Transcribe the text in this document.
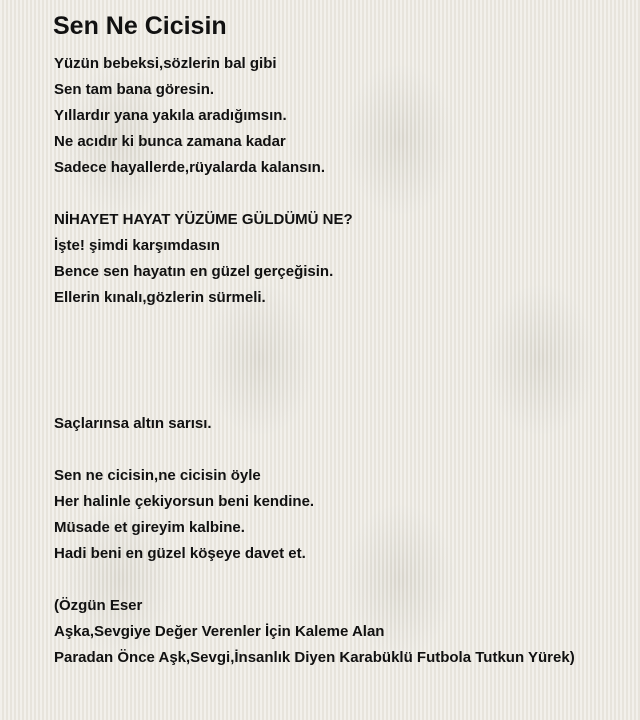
Sen Ne Cicisin
Yüzün bebeksi,sözlerin bal gibi
Sen tam bana göresin.
Yıllardır yana yakıla aradığımsın.
Ne acıdır ki bunca zamana kadar
Sadece hayallerde,rüyalarda kalansın.
NİHAYET HAYAT YÜZÜME GÜLDÜMÜ NE?
İşte! şimdi karşımdasın
Bence sen hayatın en güzel gerçeğisin.
Ellerin kınalı,gözlerin sürmeli.
Saçlarınsa altın sarısı.
Sen ne cicisin,ne cicisin öyle
Her halinle çekiyorsun beni kendine.
Müsade et gireyim kalbine.
Hadi beni en güzel köşeye davet et.
(Özgün Eser
Aşka,Sevgiye Değer Verenler İçin Kaleme Alan
Paradan Önce Aşk,Sevgi,İnsanlık Diyen Karabüklü Futbola Tutkun Yürek)
